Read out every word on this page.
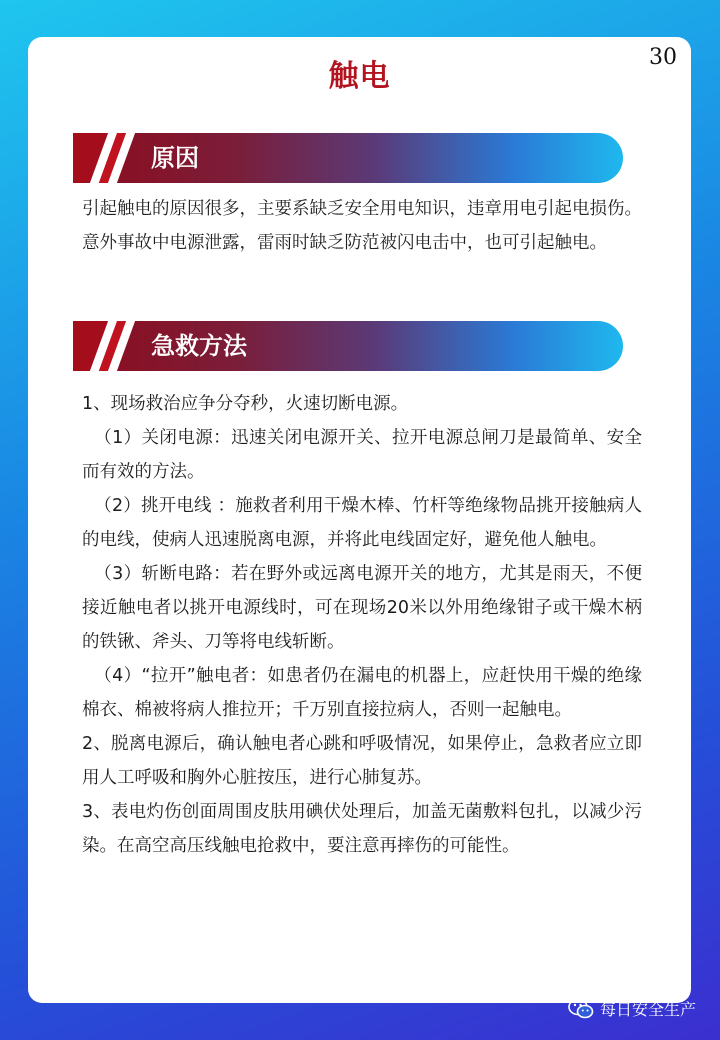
30
触电
原因

引起触电的原因很多，主要系缺乏安全用电知识，违章用电引起电损伤。意外事故中电源泄露，雷雨时缺乏防范被闪电击中，也可引起触电。

急救方法

1、现场救治应争分夺秒，火速切断电源。

（1）关闭电源：迅速关闭电源开关、拉开电源总闸刀是最简单、安全而有效的方法。

（2）挑开电线 ：施救者利用干燥木棒、竹杆等绝缘物品挑开接触病人的电线，使病人迅速脱离电源，并将此电线固定好，避免他人触电。

（3）斩断电路：若在野外或远离电源开关的地方，尤其是雨天，不便接近触电者以挑开电源线时，可在现场20米以外用绝缘钳子或干燥木柄的铁锹、斧头、刀等将电线斩断。

（4）“拉开”触电者：如患者仍在漏电的机器上，应赶快用干燥的绝缘棉衣、棉被将病人推拉开；千万别直接拉病人，否则一起触电。

2、脱离电源后，确认触电者心跳和呼吸情况，如果停止，急救者应立即用人工呼吸和胸外心脏按压，进行心肺复苏。

3、表电灼伤创面周围皮肤用碘伏处理后，加盖无菌敷料包扎，以减少污染。在高空高压线触电抢救中，要注意再摔伤的可能性。

每日安全生产
